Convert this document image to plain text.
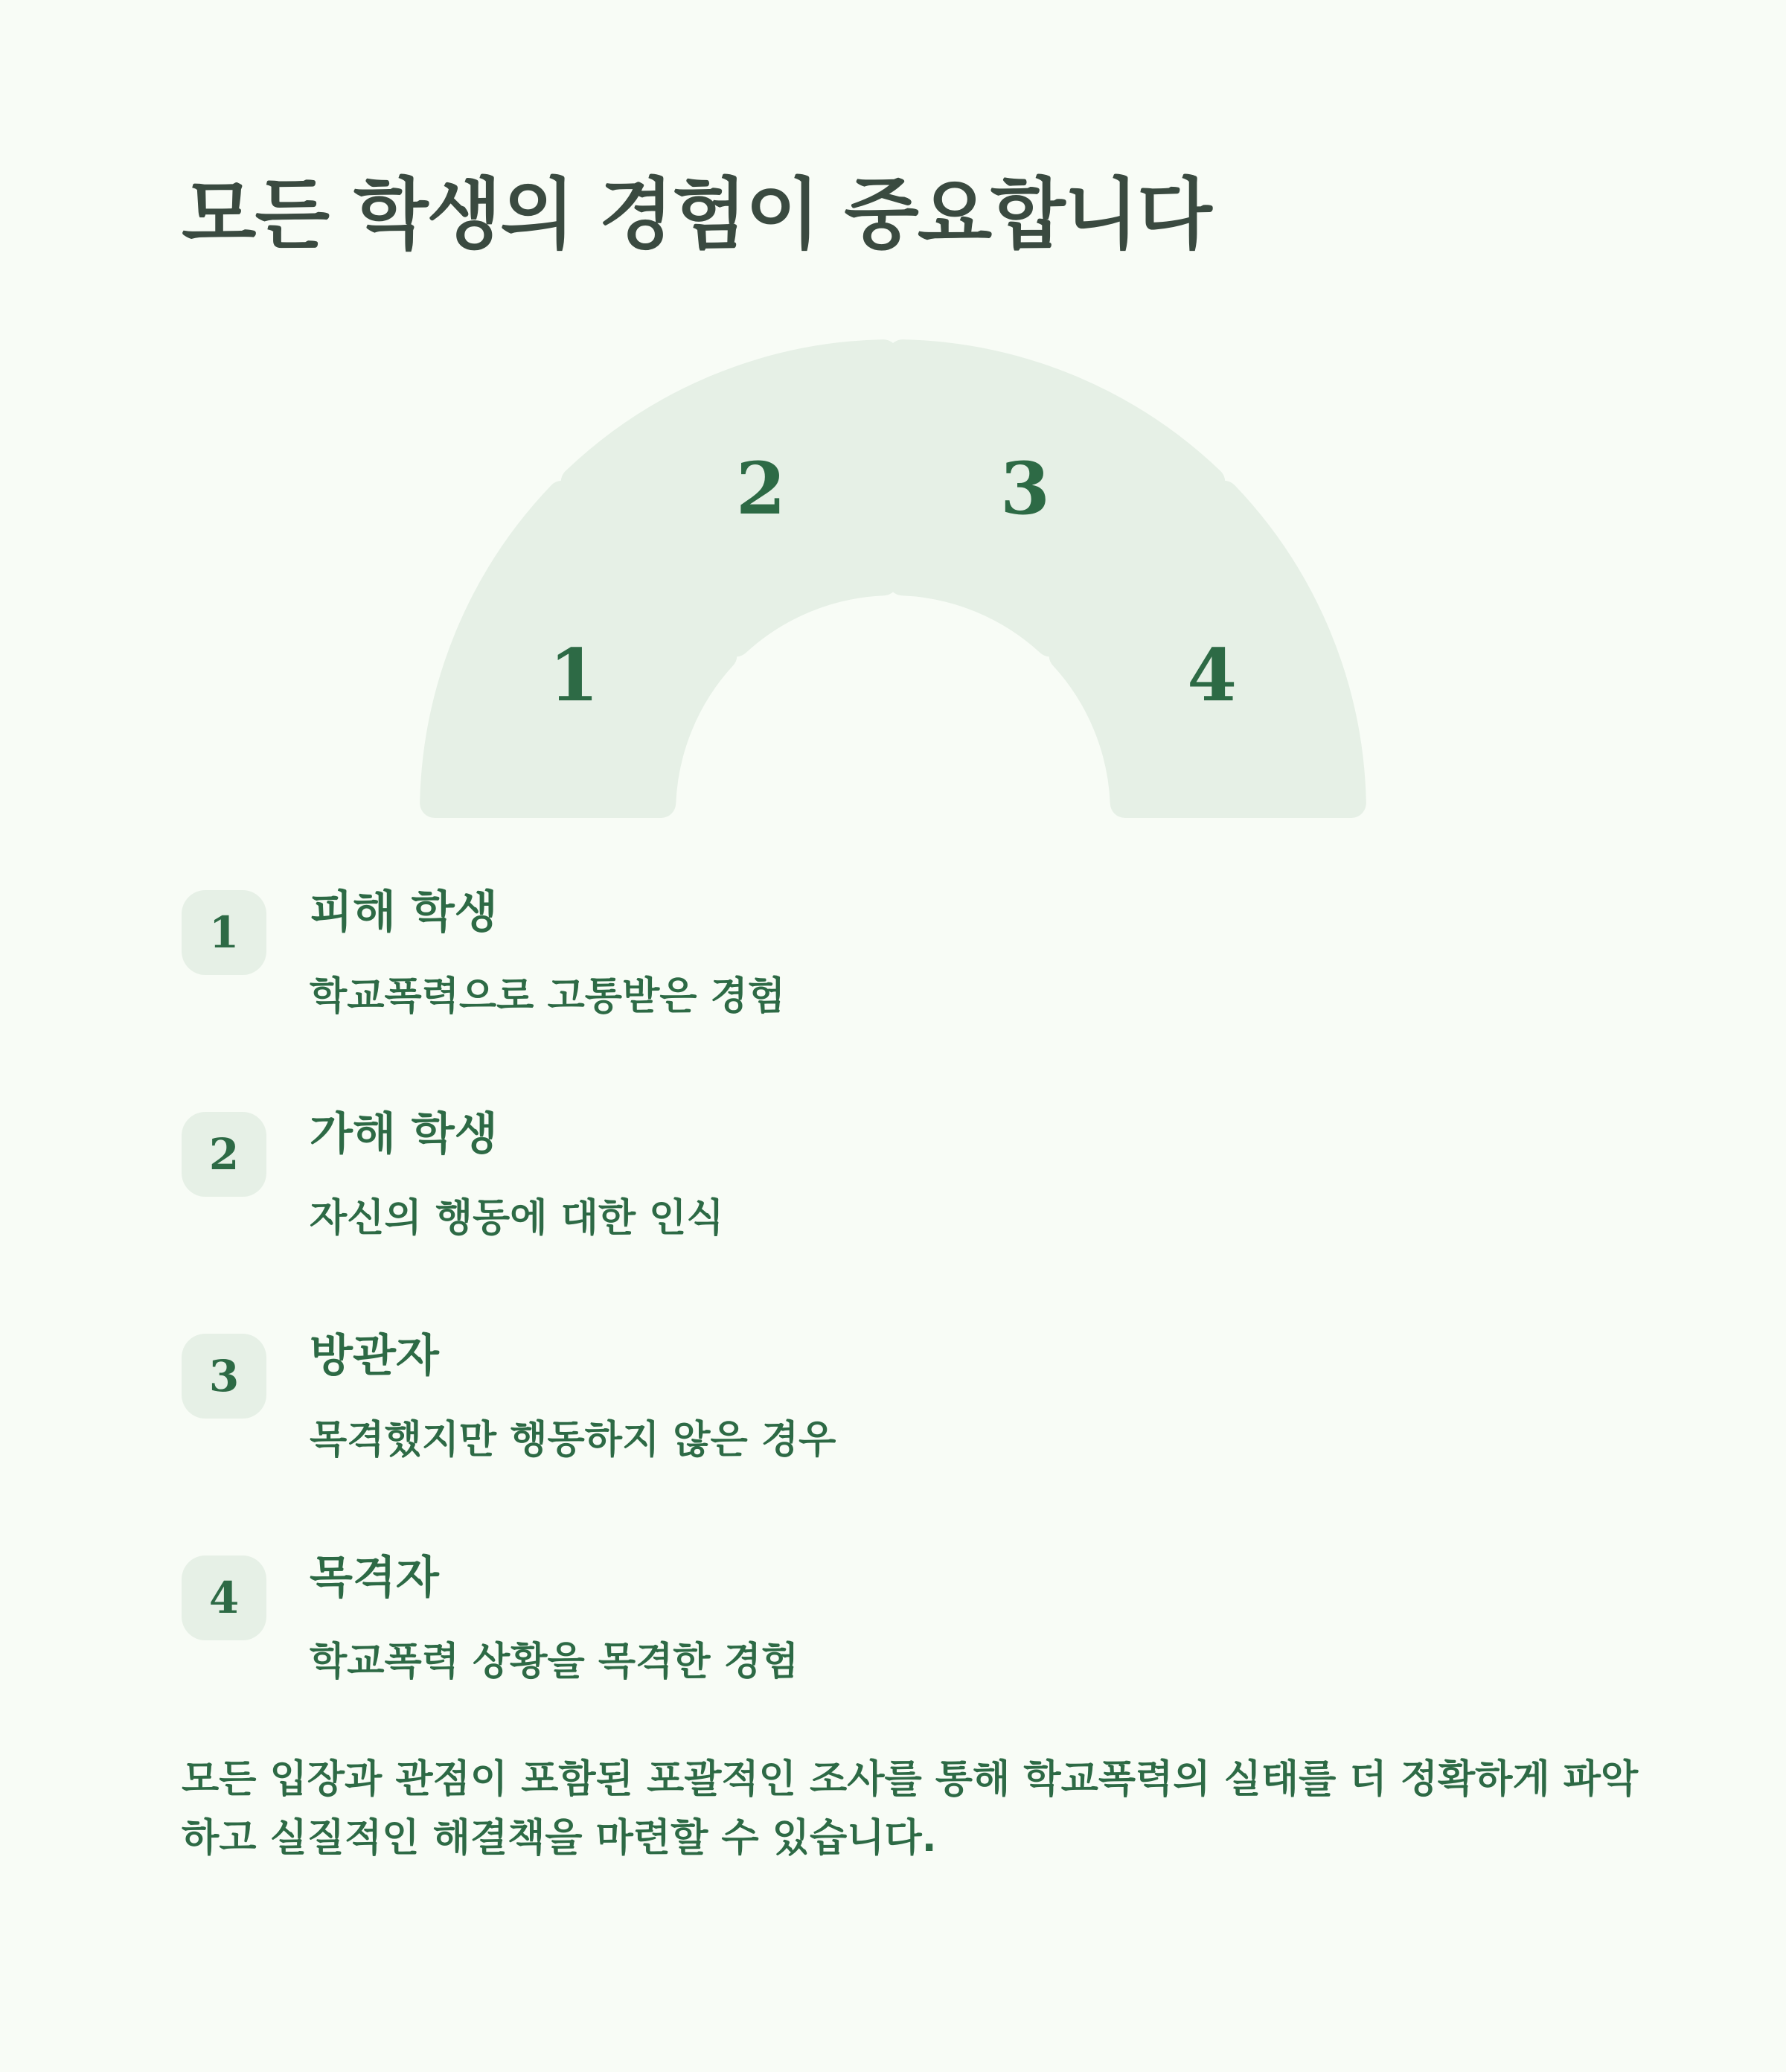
모든 학생의 경험이 중요합니다
1
2	3
4
1	피해 학생
학교폭력으로 고통받은 경험
2	가해 학생
자신의 행동에 대한 인식
3	방관자
목격했지만 행동하지 않은 경우
4	목격자
학교폭력 상황을 목격한 경험

모든 입장과 관점이 포함된 포괄적인 조사를 통해 학교폭력의 실태를 더 정확하게 파악하고 실질적인 해결책을 마련할 수 있습니다.
